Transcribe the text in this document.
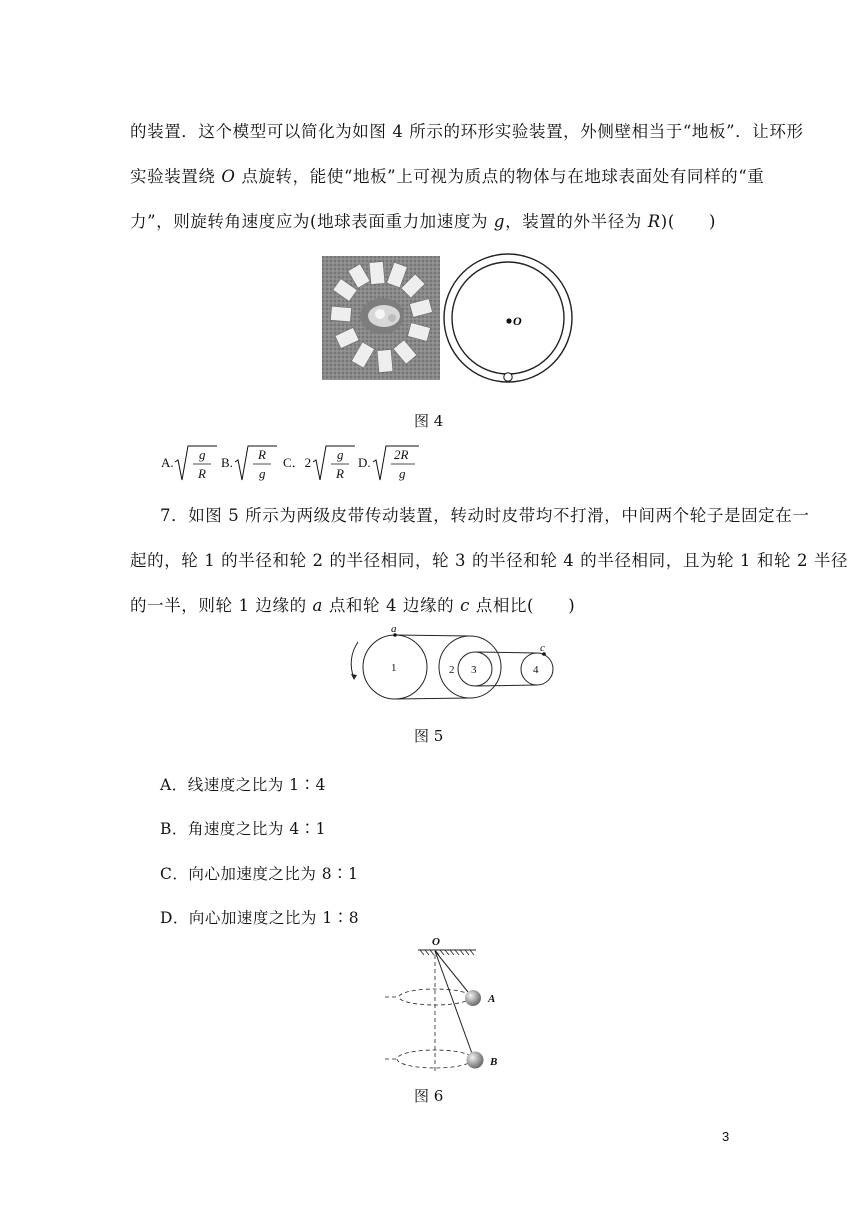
的装置．这个模型可以简化为如图 4 所示的环形实验装置，外侧壁相当于“地板”．让环形
实验装置绕 O 点旋转，能使“地板”上可视为质点的物体与在地球表面处有同样的“重
力”，则旋转角速度应为(地球表面重力加速度为 g，装置的外半径为 R)(　　)
O
图 4
A.
g
R
B.
R
g
C．2
g
R
D.
2R
g
7．如图 5 所示为两级皮带传动装置，转动时皮带均不打滑，中间两个轮子是固定在一
起的，轮 1 的半径和轮 2 的半径相同，轮 3 的半径和轮 4 的半径相同，且为轮 1 和轮 2 半径
的一半，则轮 1 边缘的 a 点和轮 4 边缘的 c 点相比(　　)
1	2 3	4
a
c
图 5
A．线速度之比为 1∶4
B．角速度之比为 4∶1
C．向心加速度之比为 8∶1
D．向心加速度之比为 1∶8
O
A
B
图 6
3
